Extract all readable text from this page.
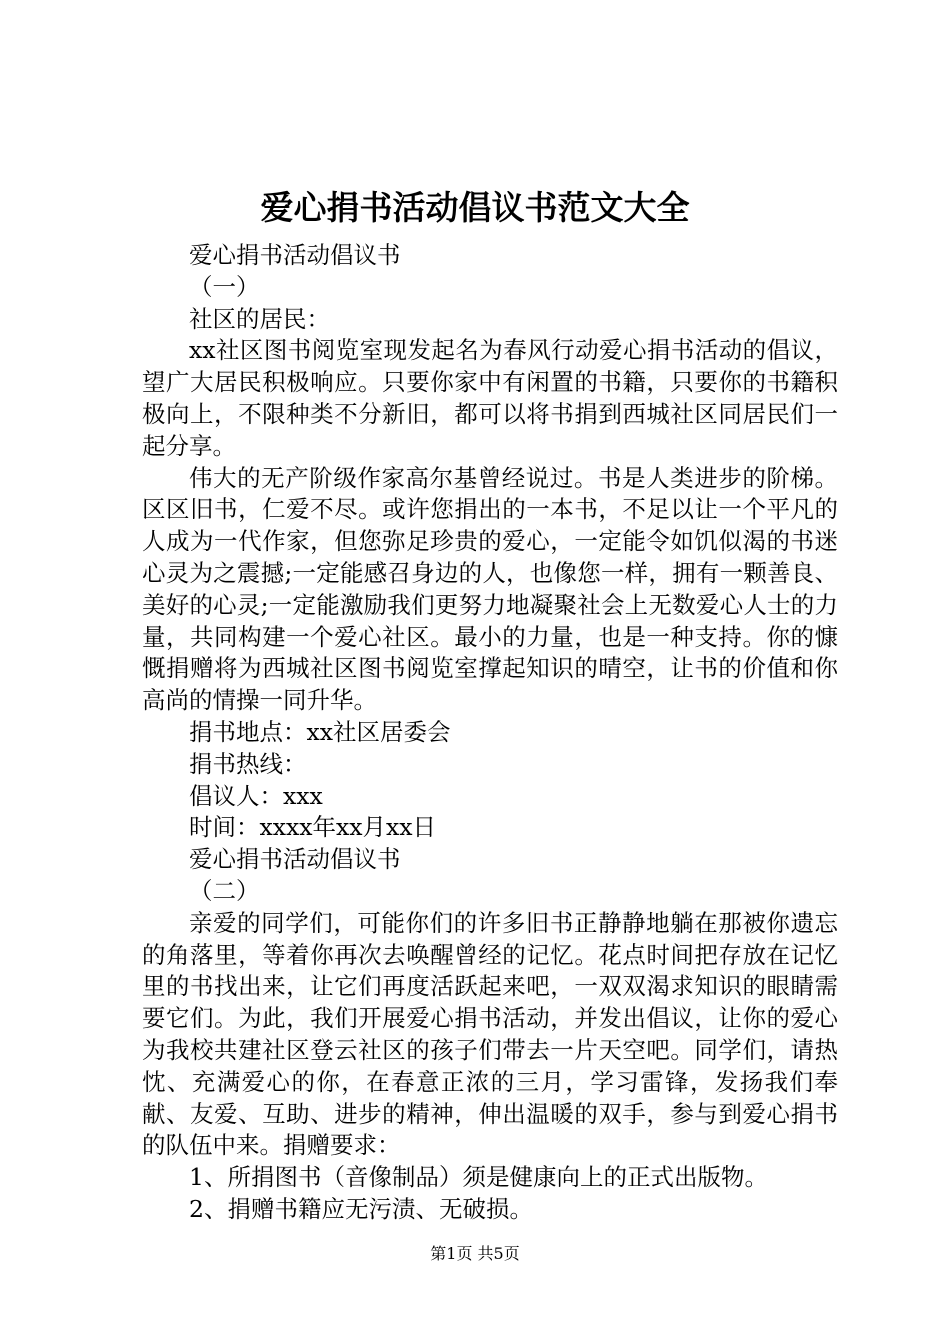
爱心捐书活动倡议书范文大全

爱心捐书活动倡议书

（一）

社区的居民：

xx社区图书阅览室现发起名为春风行动爱心捐书活动的倡议，望广大居民积极响应。只要你家中有闲置的书籍，只要你的书籍积极向上，不限种类不分新旧，都可以将书捐到西城社区同居民们一起分享。

伟大的无产阶级作家高尔基曾经说过。书是人类进步的阶梯。区区旧书，仁爱不尽。或许您捐出的一本书，不足以让一个平凡的人成为一代作家，但您弥足珍贵的爱心，一定能令如饥似渴的书迷心灵为之震撼;一定能感召身边的人，也像您一样，拥有一颗善良、美好的心灵;一定能激励我们更努力地凝聚社会上无数爱心人士的力量，共同构建一个爱心社区。最小的力量，也是一种支持。你的慷慨捐赠将为西城社区图书阅览室撑起知识的晴空，让书的价值和你高尚的情操一同升华。

捐书地点：xx社区居委会

捐书热线：

倡议人：xxx

时间：xxxx年xx月xx日

爱心捐书活动倡议书

（二）

亲爱的同学们，可能你们的许多旧书正静静地躺在那被你遗忘的角落里，等着你再次去唤醒曾经的记忆。花点时间把存放在记忆里的书找出来，让它们再度活跃起来吧，一双双渴求知识的眼睛需要它们。为此，我们开展爱心捐书活动，并发出倡议，让你的爱心为我校共建社区登云社区的孩子们带去一片天空吧。同学们，请热忱、充满爱心的你，在春意正浓的三月，学习雷锋，发扬我们奉献、友爱、互助、进步的精神，伸出温暖的双手，参与到爱心捐书的队伍中来。捐赠要求：

1、所捐图书（音像制品）须是健康向上的正式出版物。

2、捐赠书籍应无污渍、无破损。

第1页 共5页
